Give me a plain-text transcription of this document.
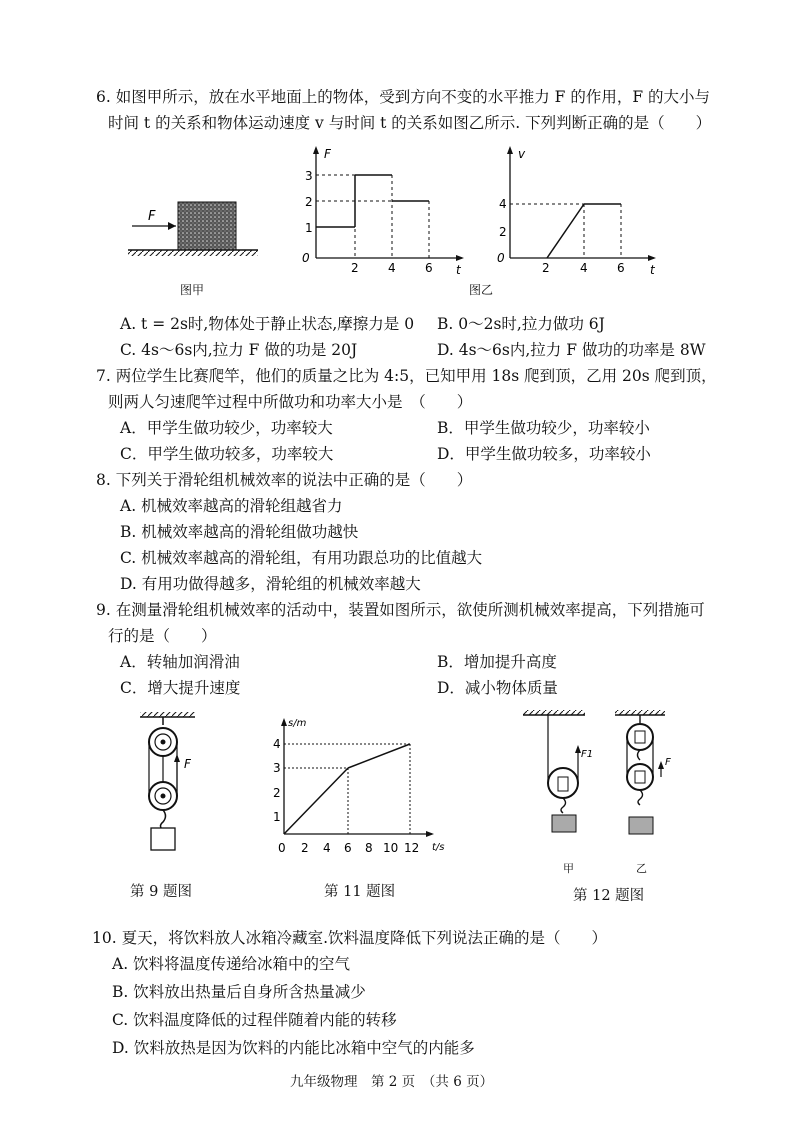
6. 如图甲所示，放在水平地面上的物体，受到方向不变的水平推力 F 的作用，F 的大小与
时间 t 的关系和物体运动速度 v 与时间 t 的关系如图乙所示. 下列判断正确的是（　　）
F
图甲
F
t
0
3
2
1
2 4 6
v
t
0
4
2
2	4 6
图乙
A. t = 2s时,物体处于静止状态,摩擦力是 0 B. 0～2s时,拉力做功 6J
C. 4s～6s内,拉力 F 做的功是 20J	D. 4s～6s内,拉力 F 做功的功率是 8W
7. 两位学生比赛爬竿，他们的质量之比为 4:5，已知甲用 18s 爬到顶，乙用 20s 爬到顶，
则两人匀速爬竿过程中所做功和功率大小是　（　　）
A．甲学生做功较少，功率较大	B．甲学生做功较少，功率较小
C．甲学生做功较多，功率较大	D．甲学生做功较多，功率较小
8. 下列关于滑轮组机械效率的说法中正确的是（　　）
A. 机械效率越高的滑轮组越省力
B. 机械效率越高的滑轮组做功越快
C. 机械效率越高的滑轮组，有用功跟总功的比值越大
D. 有用功做得越多，滑轮组的机械效率越大
9. 在测量滑轮组机械效率的活动中，装置如图所示，欲使所测机械效率提高，下列措施可
行的是（　　）
A．转轴加润滑油	B．增加提升高度
C．增大提升速度	D．减小物体质量
F
第 9 题图
s/m
t/s
0
1
2
3
4
2 4 6 8 10 12
第 11 题图
F1
F
甲	乙
第 12 题图
10. 夏天，将饮料放人冰箱冷藏室.饮料温度降低下列说法正确的是（　　）
A. 饮料将温度传递给冰箱中的空气
B. 饮料放出热量后自身所含热量减少
C. 饮料温度降低的过程伴随着内能的转移
D. 饮料放热是因为饮料的内能比冰箱中空气的内能多
九年级物理　第 2 页　（共 6 页）
